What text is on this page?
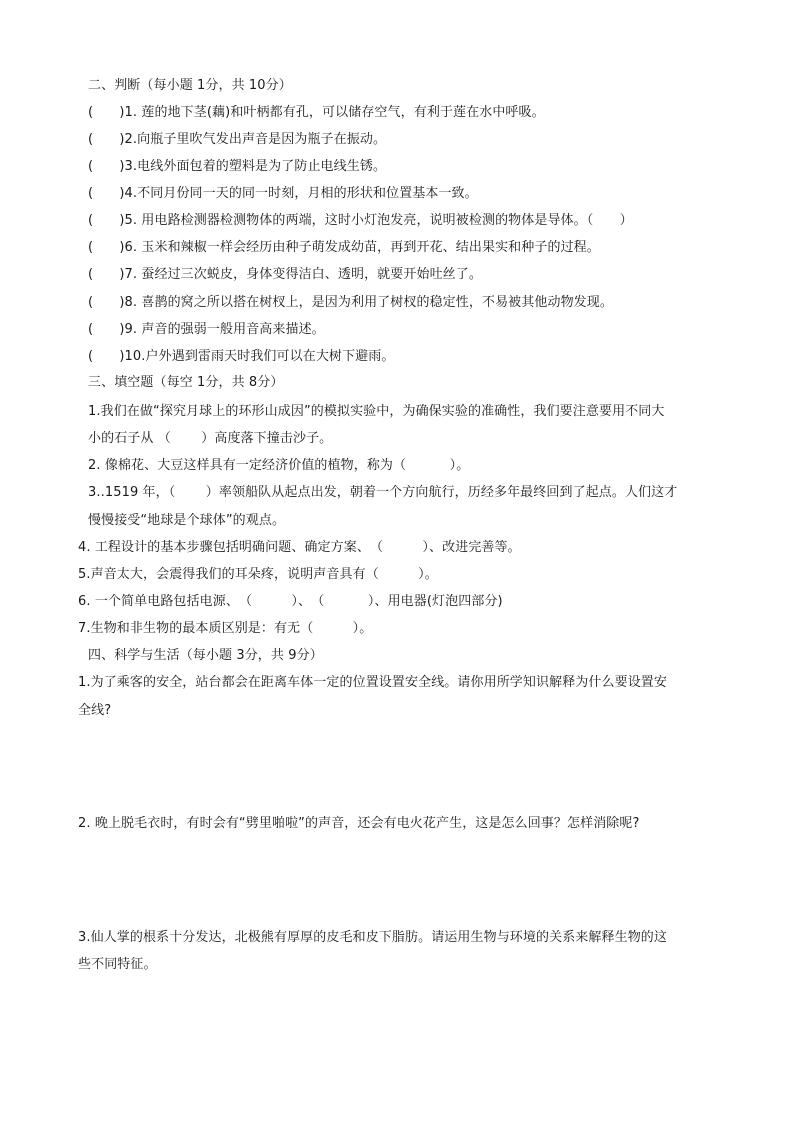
二、判断（每小题 1分，共 10分）
(　　)1. 莲的地下茎(藕)和叶柄都有孔，可以储存空气，有利于莲在水中呼吸。
(　　)2.向瓶子里吹气发出声音是因为瓶子在振动。
(　　)3.电线外面包着的塑料是为了防止电线生锈。
(　　)4.不同月份同一天的同一时刻，月相的形状和位置基本一致。
(　　)5. 用电路检测器检测物体的两端，这时小灯泡发亮，说明被检测的物体是导体。（　　）
(　　)6. 玉米和辣椒一样会经历由种子萌发成幼苗，再到开花、结出果实和种子的过程。
(　　)7. 蚕经过三次蜕皮，身体变得洁白、透明，就要开始吐丝了。
(　　)8. 喜鹊的窝之所以搭在树杈上，是因为利用了树杈的稳定性，不易被其他动物发现。
(　　)9. 声音的强弱一般用音高来描述。
(　　)10.户外遇到雷雨天时我们可以在大树下避雨。
三、填空题（每空 1分，共 8分）
1.我们在做“探究月球上的环形山成因”的模拟实验中，为确保实验的准确性，我们要注意要用不同大
小的石子从 （　　 ）高度落下撞击沙子。
2. 像棉花、大豆这样具有一定经济价值的植物，称为（　　　 ）。
3..1519 年，（　　 ）率领船队从起点出发，朝着一个方向航行，历经多年最终回到了起点。人们这才
慢慢接受“地球是个球体”的观点。
4. 工程设计的基本步骤包括明确问题、确定方案、　（　　　）、改进完善等。
5.声音太大，会震得我们的耳朵疼，说明声音具有（　　　）。
6. 一个简单电路包括电源、　（　　　）、　（　　　 ）、用电器(灯泡四部分)
7.生物和非生物的最本质区别是：有无（　　　）。
四、科学与生活（每小题 3分，共 9分）
1.为了乘客的安全，站台都会在距离车体一定的位置设置安全线。请你用所学知识解释为什么要设置安
全线?
2. 晚上脱毛衣时，有时会有“劈里啪啦”的声音，还会有电火花产生，这是怎么回事？怎样消除呢?
3.仙人掌的根系十分发达，北极熊有厚厚的皮毛和皮下脂肪。请运用生物与环境的关系来解释生物的这
些不同特征。
